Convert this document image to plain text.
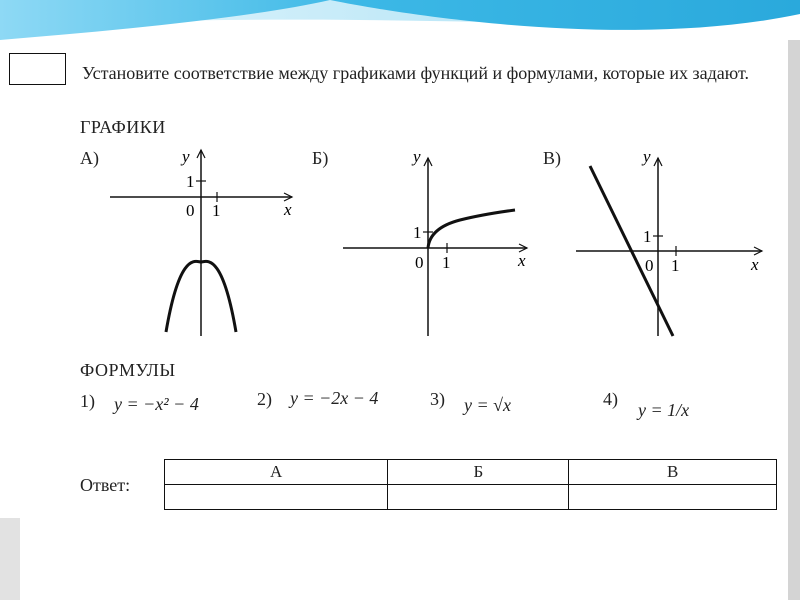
Установите соответствие между графиками функций и формулами, которые их задают.
ГРАФИКИ
А)	Б)	В)
y
1
0 1	x
y
1
0 1	x
y
1
0 1	x
ФОРМУЛЫ
1) y = −x² − 4	2) y = −2x − 4	3) y = √x	4)
y = 1/x
Ответ:
А	Б	В
